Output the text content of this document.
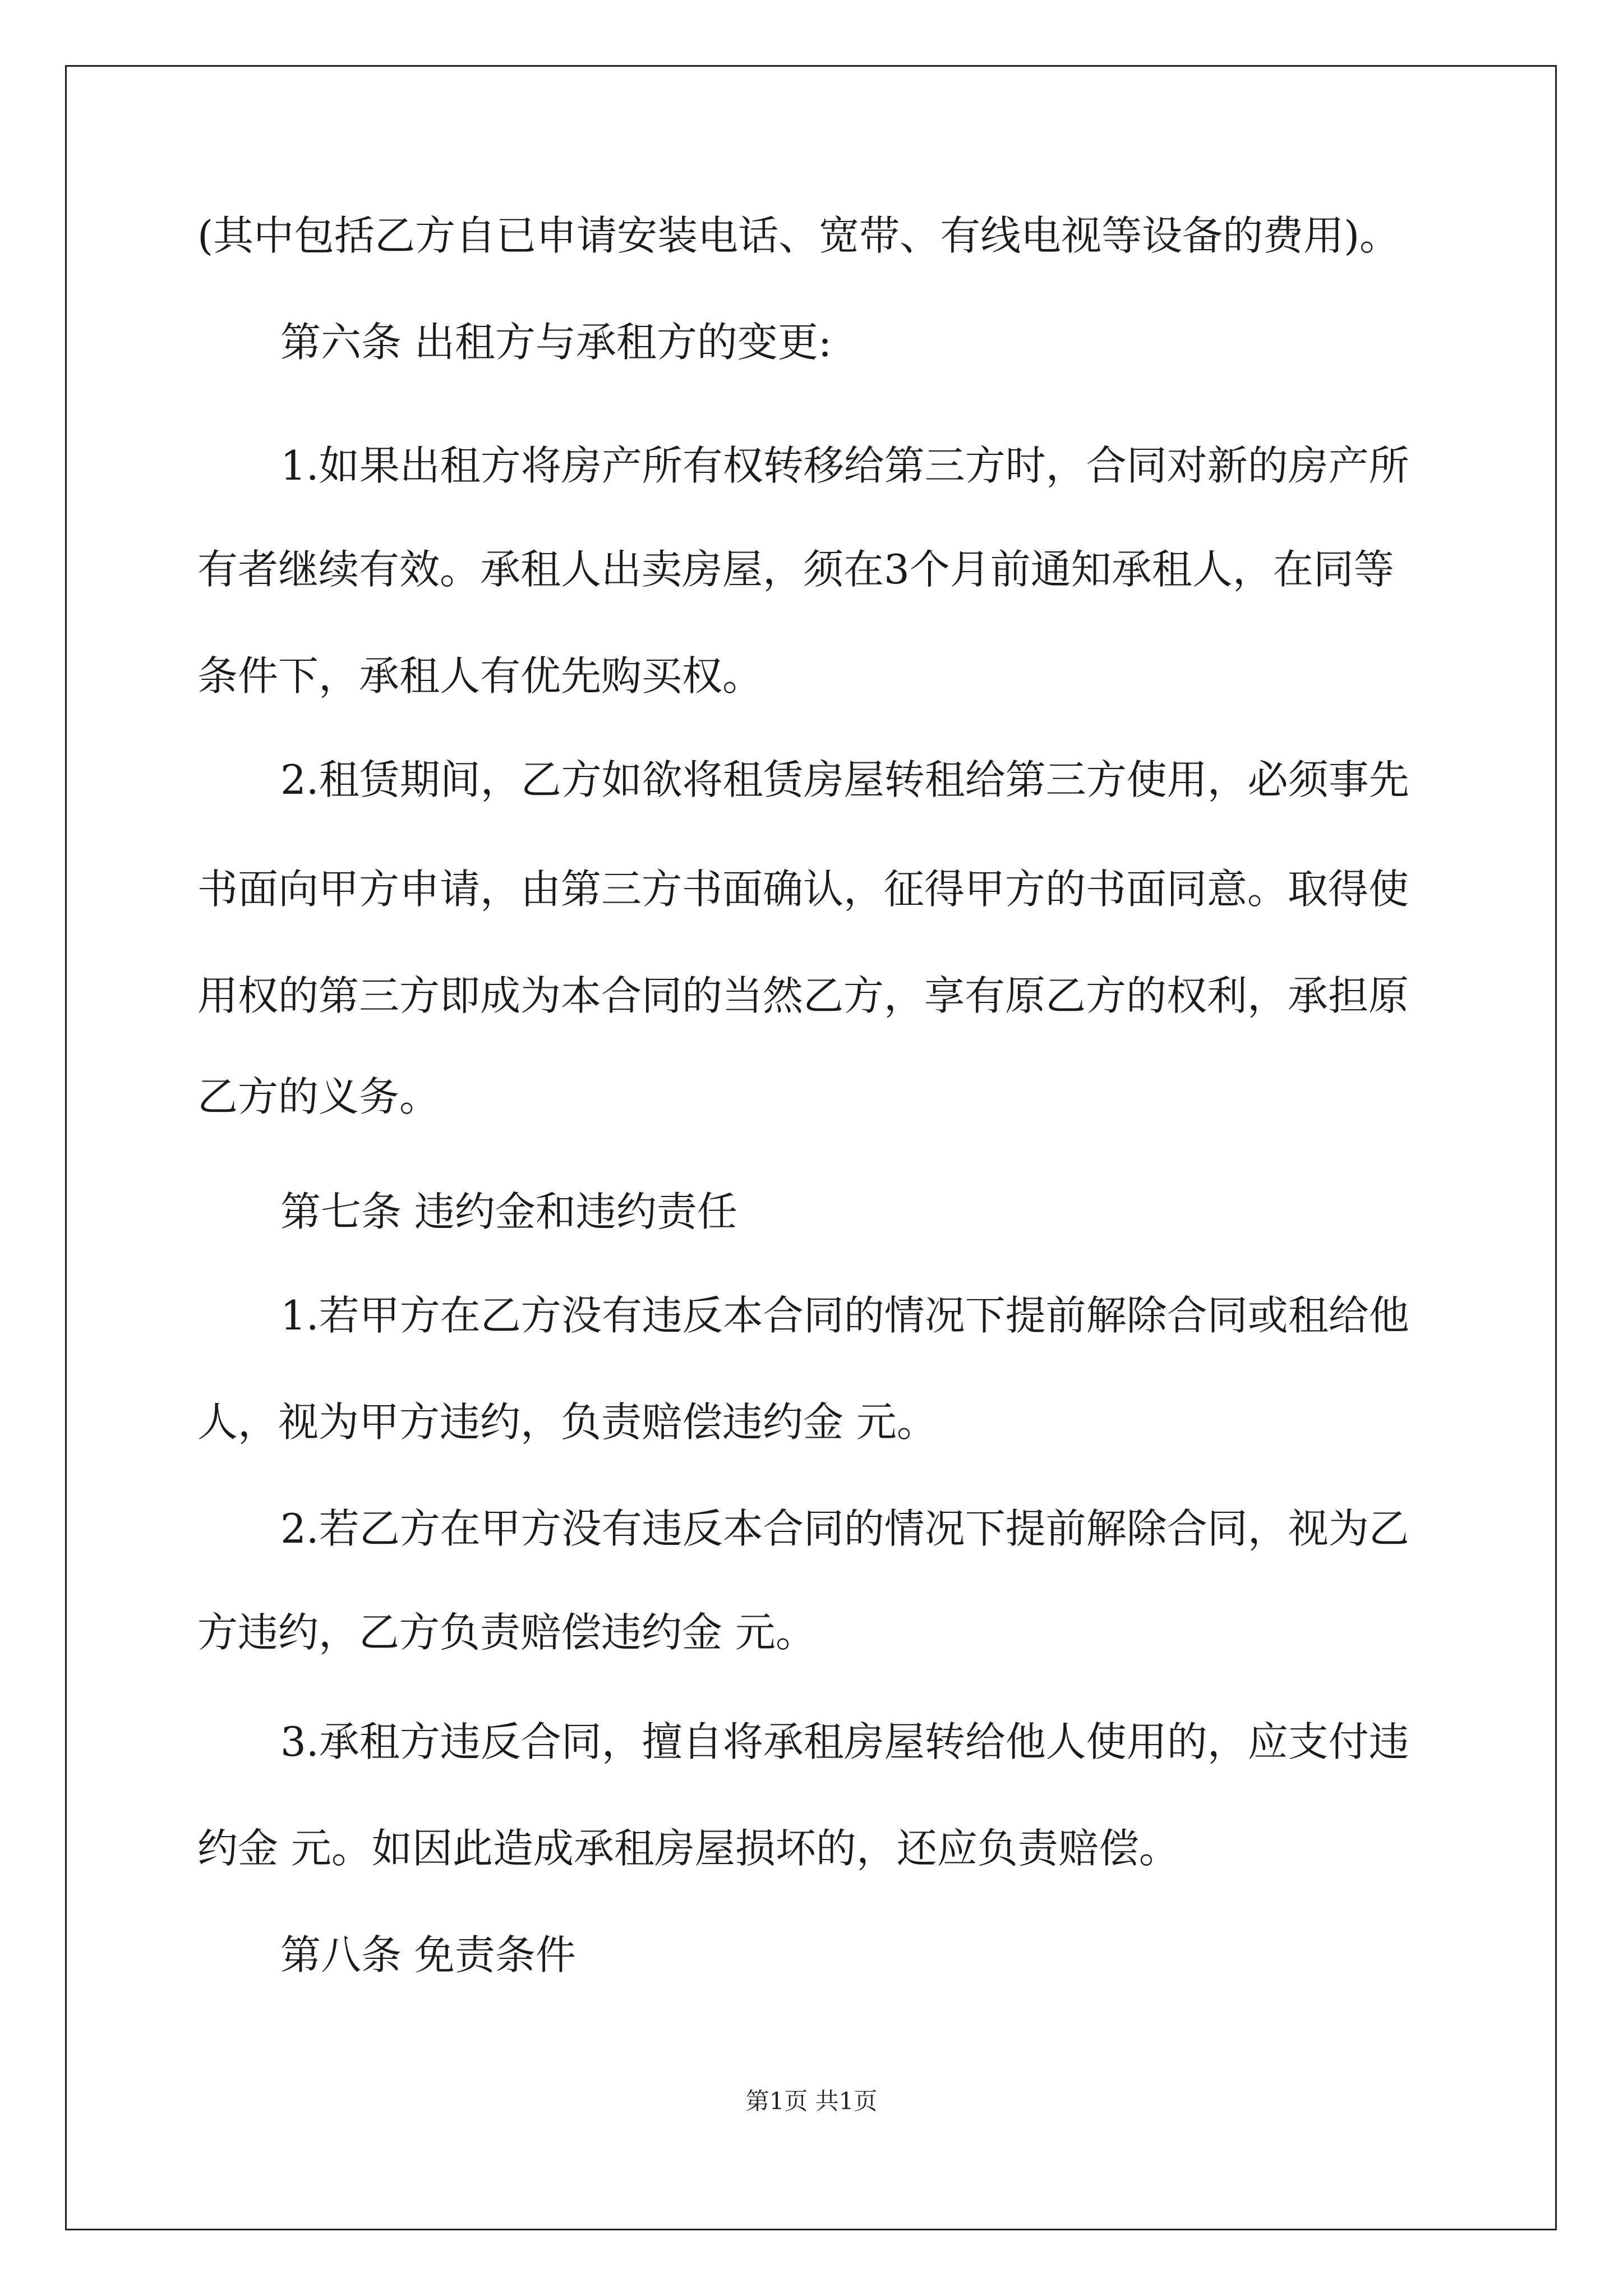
(其中包括乙方自已申请安装电话、宽带、有线电视等设备的费用)。
第六条 出租方与承租方的变更:
1.如果出租方将房产所有权转移给第三方时，合同对新的房产所
有者继续有效。承租人出卖房屋，须在3个月前通知承租人，在同等
条件下，承租人有优先购买权。
2.租赁期间，乙方如欲将租赁房屋转租给第三方使用，必须事先
书面向甲方申请，由第三方书面确认，征得甲方的书面同意。取得使
用权的第三方即成为本合同的当然乙方，享有原乙方的权利，承担原
乙方的义务。
第七条 违约金和违约责任
1.若甲方在乙方没有违反本合同的情况下提前解除合同或租给他
人，视为甲方违约，负责赔偿违约金 元。
2.若乙方在甲方没有违反本合同的情况下提前解除合同，视为乙
方违约，乙方负责赔偿违约金 元。
3.承租方违反合同，擅自将承租房屋转给他人使用的，应支付违
约金 元。如因此造成承租房屋损坏的，还应负责赔偿。
第八条 免责条件
第1页 共1页
